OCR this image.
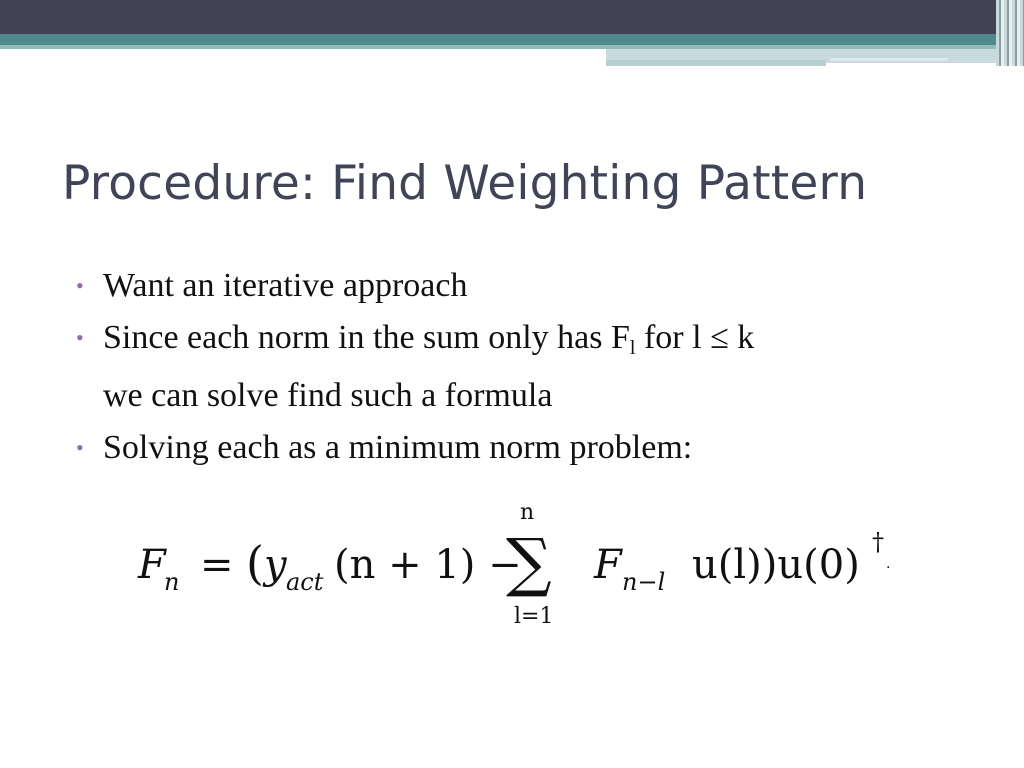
Procedure: Find Weighting Pattern
• Want an iterative approach
• Since each norm in the sum only has $F_l$ for l ≤ k
we can solve find such a formula
• Solving each as a minimum norm problem:
F
n = ( y act (n + 1) −
n
∑
l=1
F n−l u(l))u(0) †
.
